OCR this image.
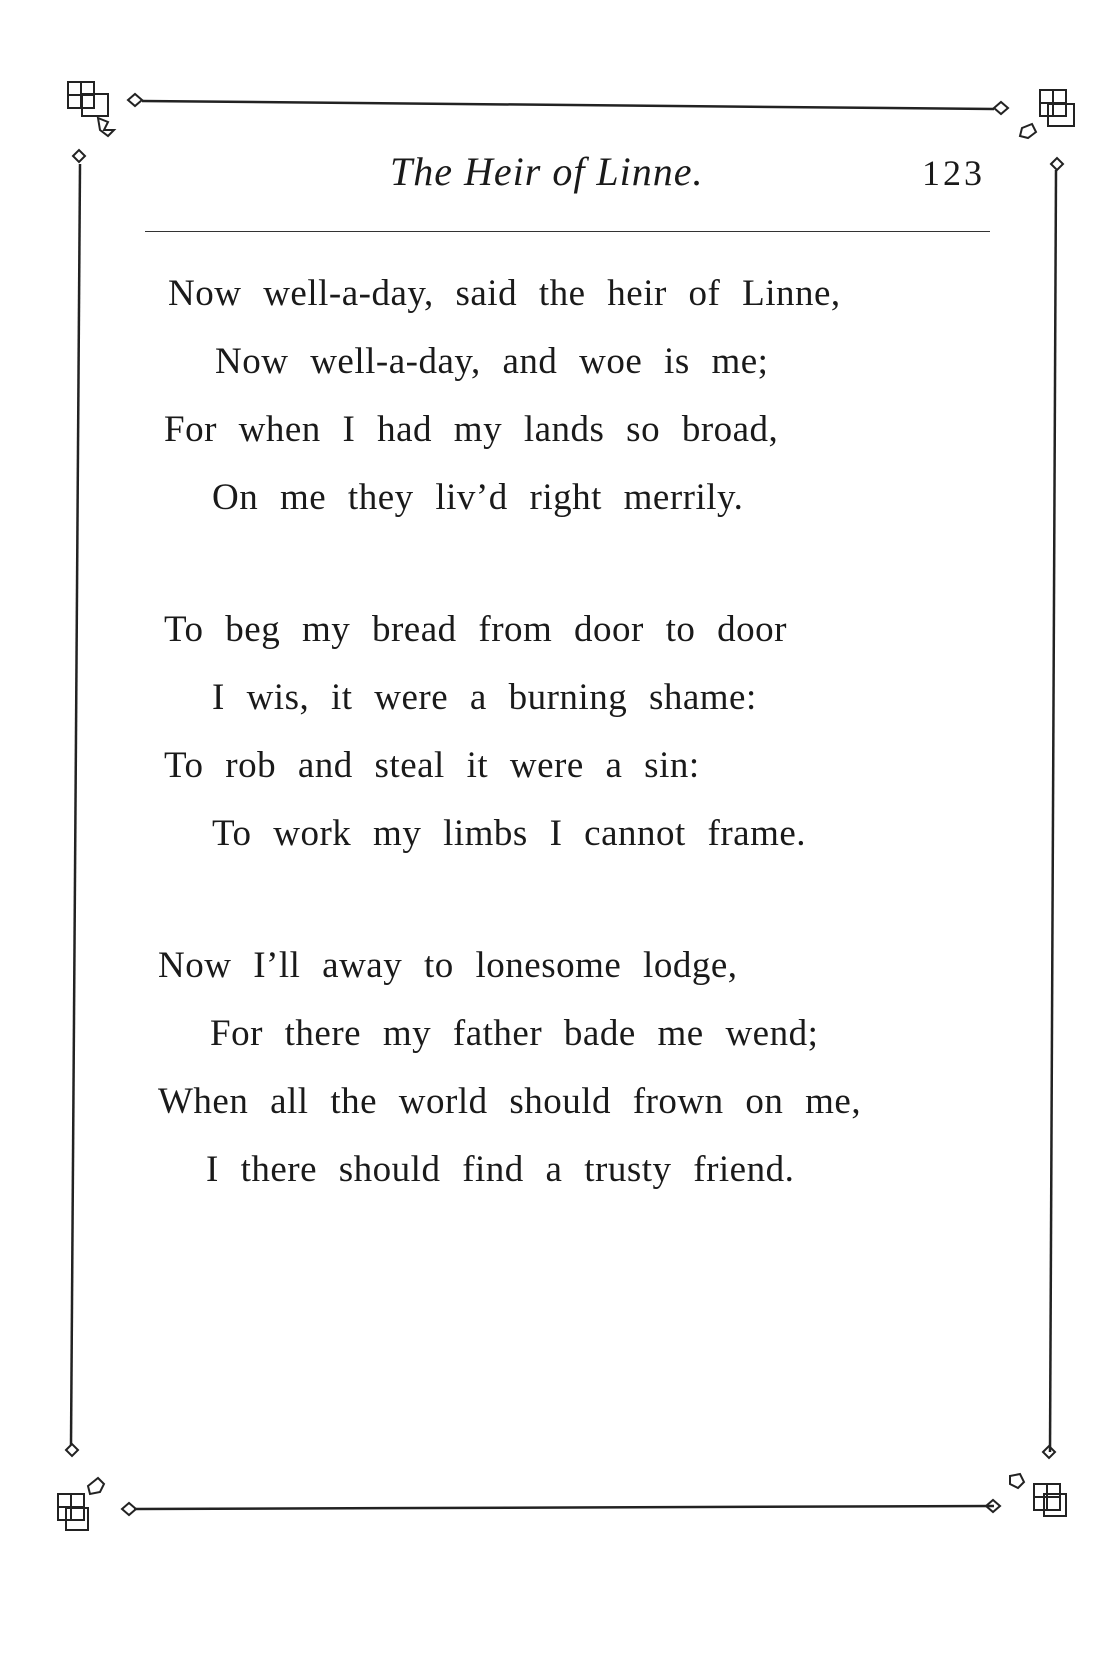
The Heir of Linne.	123
Now well-a-day, said the heir of Linne,
Now well-a-day, and woe is me;
For when I had my lands so broad,
On me they liv’d right merrily.
To beg my bread from door to door
I wis, it were a burning shame:
To rob and steal it were a sin:
To work my limbs I cannot frame.
Now I’ll away to lonesome lodge,
For there my father bade me wend;
When all the world should frown on me,
I there should find a trusty friend.
